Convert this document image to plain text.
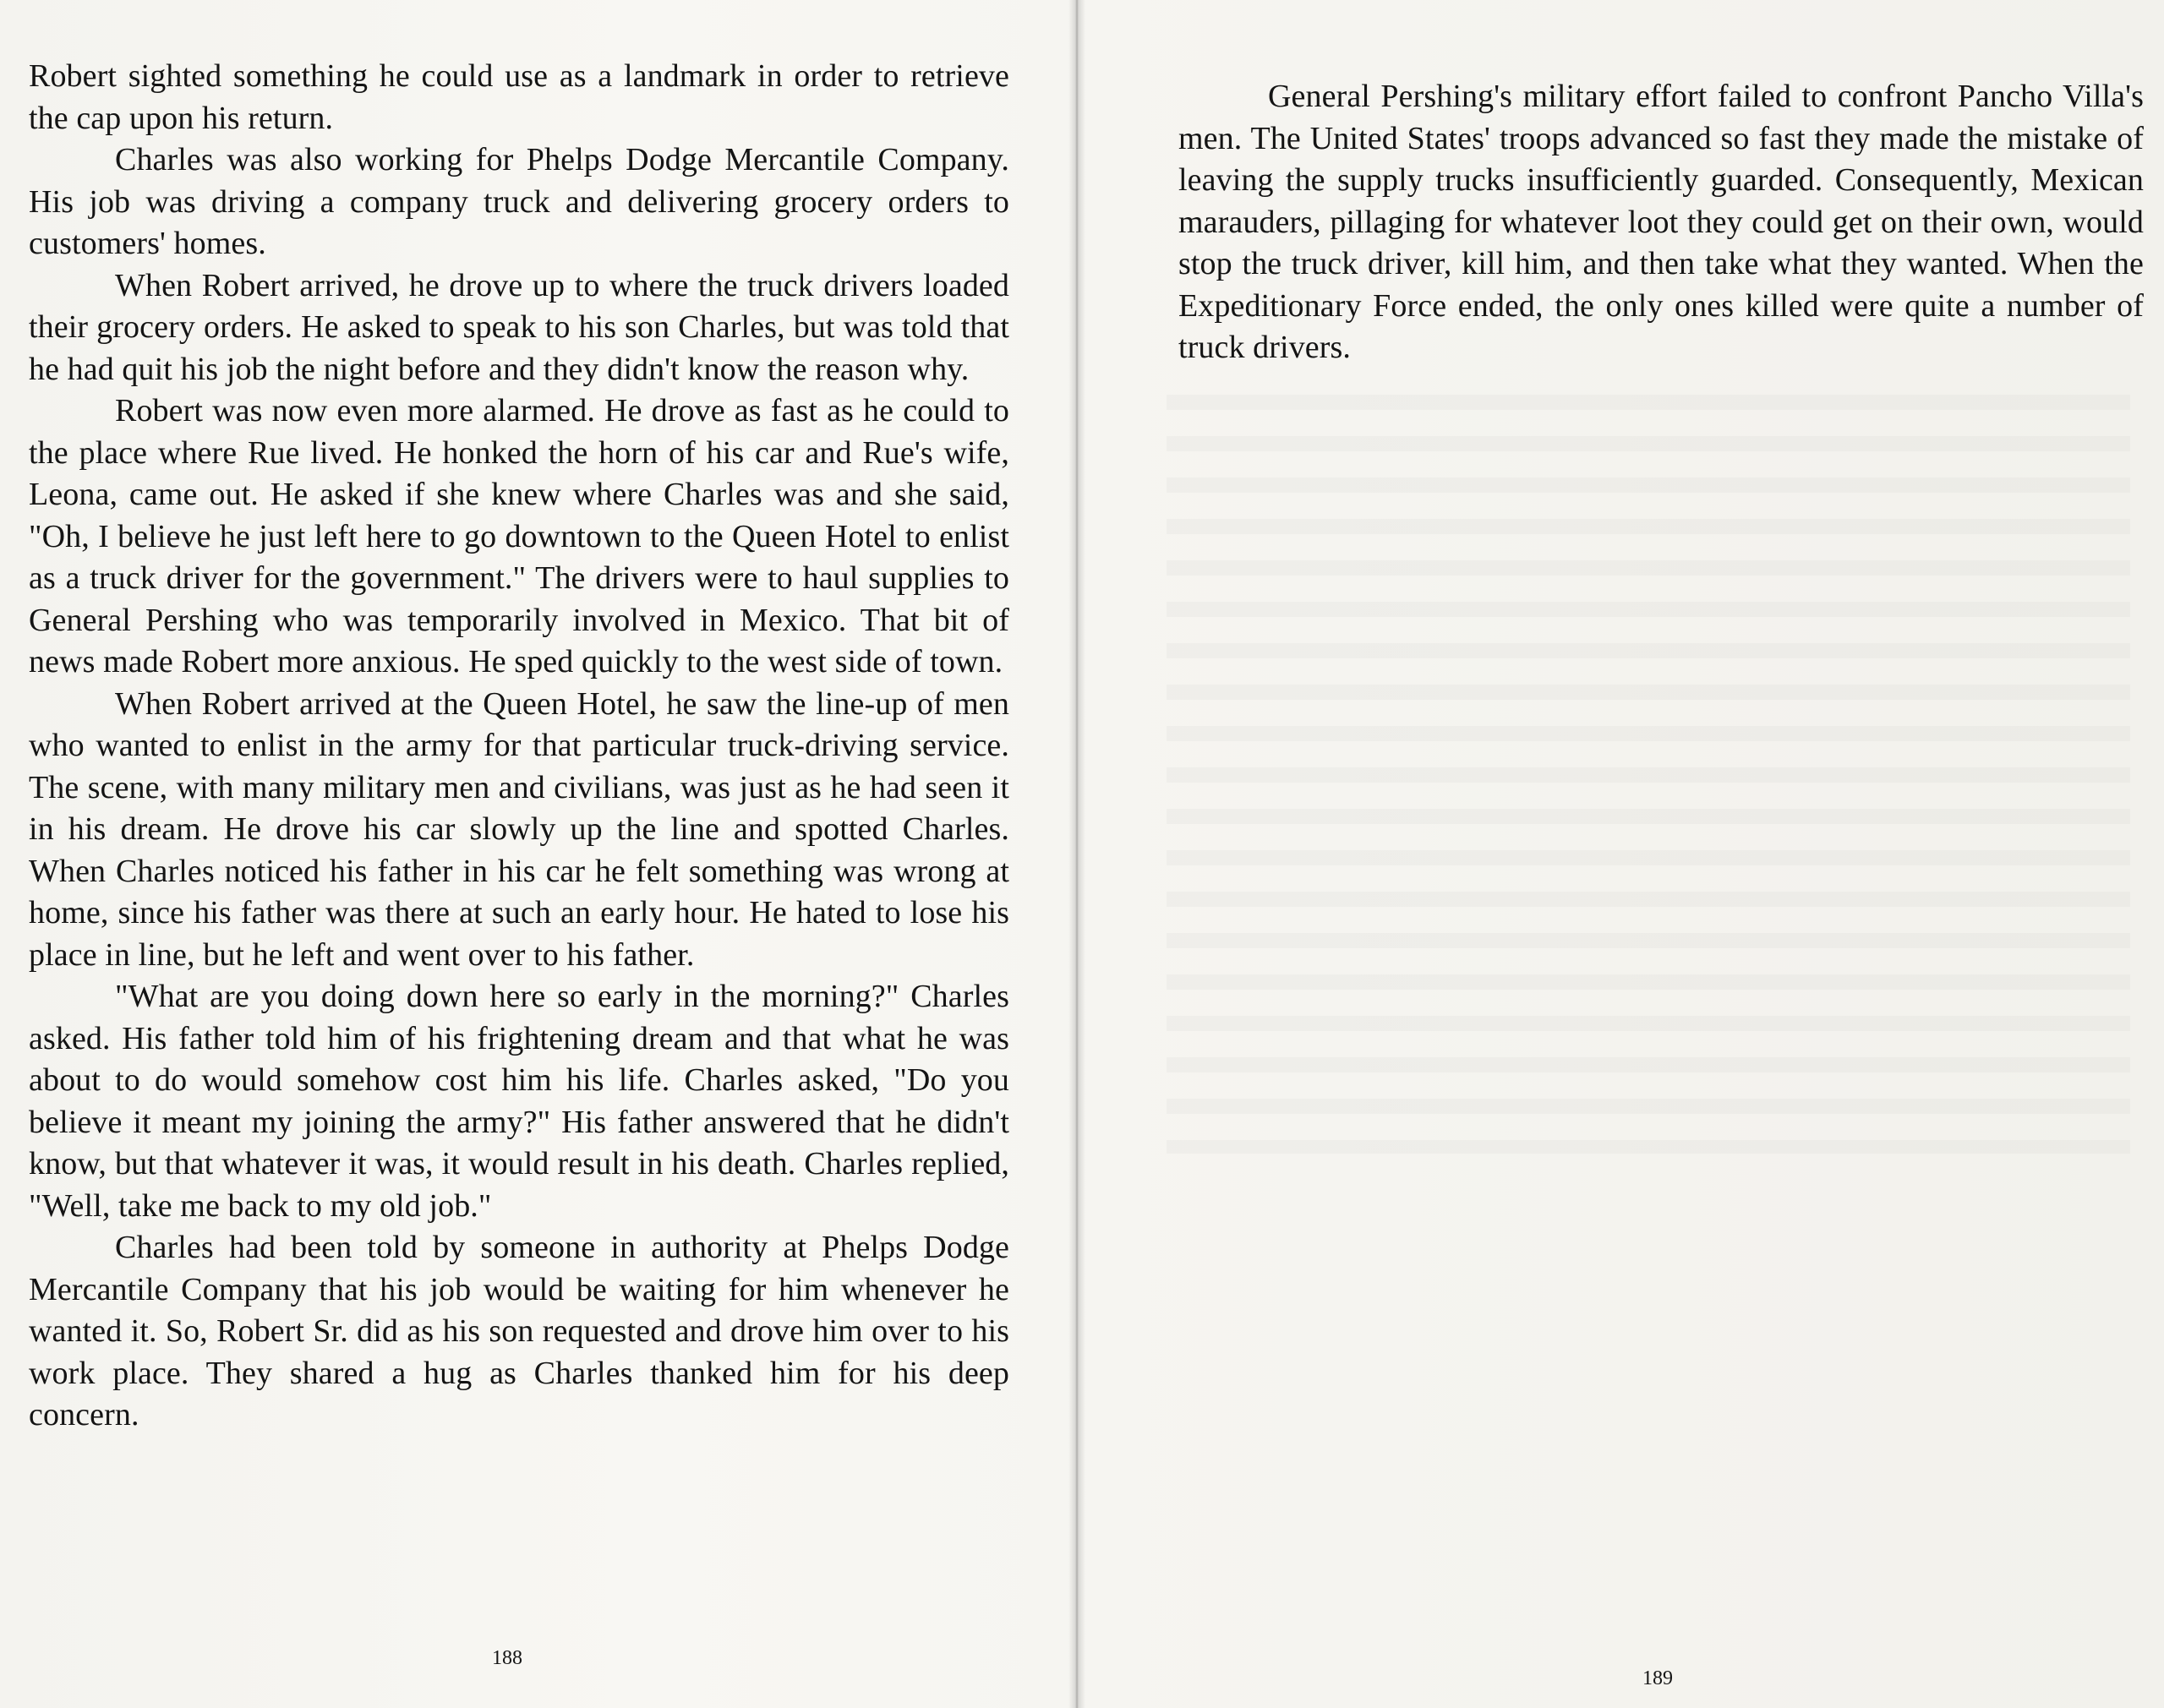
Robert sighted something he could use as a landmark in order to retrieve the cap upon his return.

Charles was also working for Phelps Dodge Mercantile Company. His job was driving a company truck and delivering grocery orders to customers' homes.

When Robert arrived, he drove up to where the truck drivers loaded their grocery orders. He asked to speak to his son Charles, but was told that he had quit his job the night before and they didn't know the reason why.

Robert was now even more alarmed. He drove as fast as he could to the place where Rue lived. He honked the horn of his car and Rue's wife, Leona, came out. He asked if she knew where Charles was and she said, "Oh, I believe he just left here to go downtown to the Queen Hotel to enlist as a truck driver for the government." The drivers were to haul supplies to General Pershing who was temporarily involved in Mexico. That bit of news made Robert more anxious. He sped quickly to the west side of town.

When Robert arrived at the Queen Hotel, he saw the line-up of men who wanted to enlist in the army for that particular truck-driving service. The scene, with many military men and civilians, was just as he had seen it in his dream. He drove his car slowly up the line and spotted Charles. When Charles noticed his father in his car he felt something was wrong at home, since his father was there at such an early hour. He hated to lose his place in line, but he left and went over to his father.

"What are you doing down here so early in the morning?" Charles asked. His father told him of his frightening dream and that what he was about to do would somehow cost him his life. Charles asked, "Do you believe it meant my joining the army?" His father answered that he didn't know, but that whatever it was, it would result in his death. Charles replied, "Well, take me back to my old job."

Charles had been told by someone in authority at Phelps Dodge Mercantile Company that his job would be waiting for him whenever he wanted it. So, Robert Sr. did as his son requested and drove him over to his work place. They shared a hug as Charles thanked him for his deep concern.

188

General Pershing's military effort failed to confront Pancho Villa's men. The United States' troops advanced so fast they made the mistake of leaving the supply trucks insufficiently guarded. Consequently, Mexican marauders, pillaging for whatever loot they could get on their own, would stop the truck driver, kill him, and then take what they wanted. When the Expeditionary Force ended, the only ones killed were quite a number of truck drivers.

189
